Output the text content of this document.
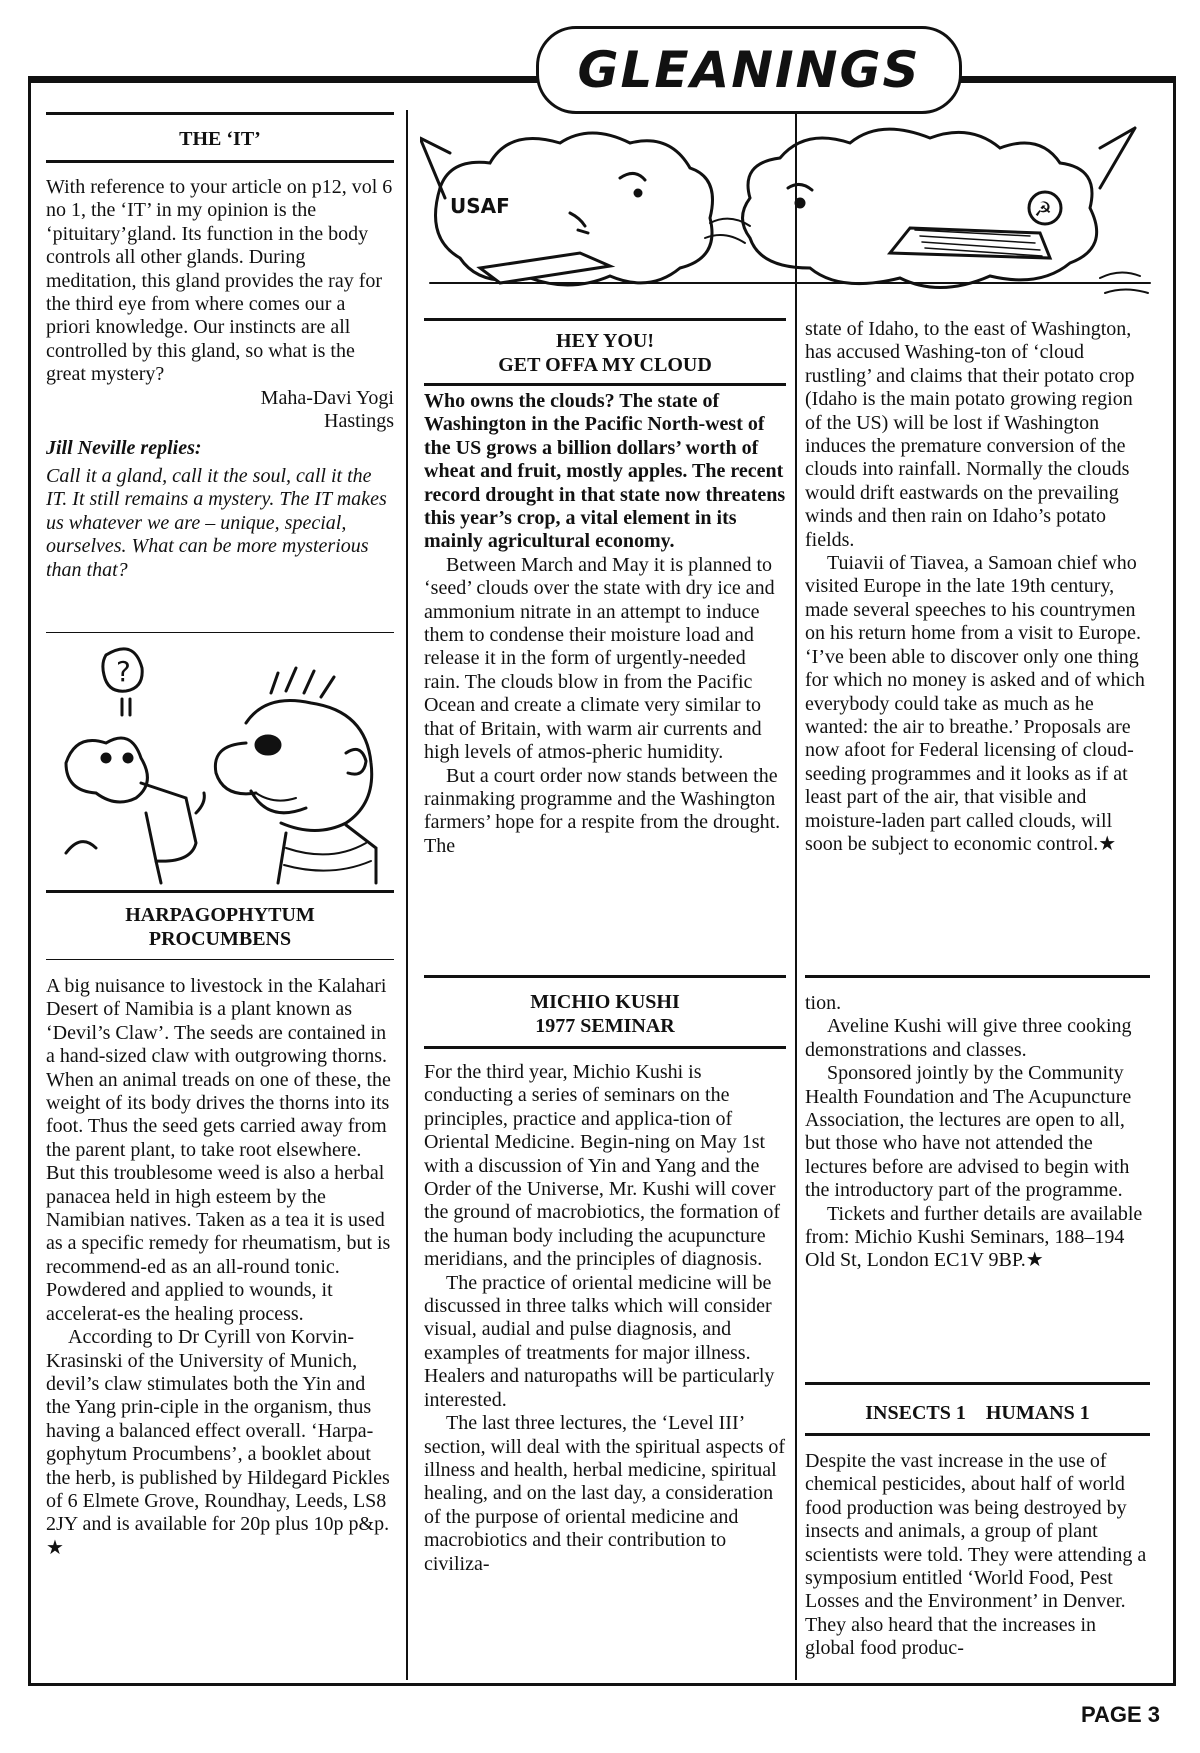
GLEANINGS
THE ‘IT’

With reference to your article on p12, vol 6 no 1, the ‘IT’ in my opinion is the ‘pituitary’gland. Its function in the body controls all other glands. During meditation, this gland provides the ray for the third eye from where comes our a priori knowledge. Our instincts are all controlled by this gland, so what is the great mystery?

Maha-Davi Yogi

Hastings

Jill Neville replies:

Call it a gland, call it the soul, call it the IT. It still remains a mystery. The IT makes us whatever we are – unique, special, ourselves. What can be more mysterious than that?

?
HARPAGOPHYTUM
PROCUMBENS

A big nuisance to livestock in the Kalahari Desert of Namibia is a plant known as ‘Devil’s Claw’. The seeds are contained in a hand-sized claw with outgrowing thorns. When an animal treads on one of these, the weight of its body drives the thorns into its foot. Thus the seed gets carried away from the parent plant, to take root elsewhere. But this troublesome weed is also a herbal panacea held in high esteem by the Namibian natives. Taken as a tea it is used as a specific remedy for rheumatism, but is recommend-ed as an all-round tonic. Powdered and applied to wounds, it accelerat-es the healing process.

According to Dr Cyrill von Korvin-Krasinski of the University of Munich, devil’s claw stimulates both the Yin and the Yang prin-ciple in the organism, thus having a balanced effect overall. ‘Harpa-gophytum Procumbens’, a booklet about the herb, is published by Hildegard Pickles of 6 Elmete Grove, Roundhay, Leeds, LS8 2JY and is available for 20p plus 10p p&p. ★

USAF	☭
HEY YOU!
GET OFFA MY CLOUD

Who owns the clouds? The state of Washington in the Pacific North-west of the US grows a billion dollars’ worth of wheat and fruit, mostly apples. The recent record drought in that state now threatens this year’s crop, a vital element in its mainly agricultural economy.

Between March and May it is planned to ‘seed’ clouds over the state with dry ice and ammonium nitrate in an attempt to induce them to condense their moisture load and release it in the form of urgently-needed rain. The clouds blow in from the Pacific Ocean and create a climate very similar to that of Britain, with warm air currents and high levels of atmos-pheric humidity.

But a court order now stands between the rainmaking programme and the Washington farmers’ hope for a respite from the drought. The

MICHIO KUSHI
1977 SEMINAR

For the third year, Michio Kushi is conducting a series of seminars on the principles, practice and applica-tion of Oriental Medicine. Begin-ning on May 1st with a discussion of Yin and Yang and the Order of the Universe, Mr. Kushi will cover the ground of macrobiotics, the formation of the human body including the acupuncture meridians, and the principles of diagnosis.

The practice of oriental medicine will be discussed in three talks which will consider visual, audial and pulse diagnosis, and examples of treatments for major illness. Healers and naturopaths will be particularly interested.

The last three lectures, the ‘Level III’ section, will deal with the spiritual aspects of illness and health, herbal medicine, spiritual healing, and on the last day, a consideration of the purpose of oriental medicine and macrobiotics and their contribution to civiliza-

state of Idaho, to the east of Washington, has accused Washing-ton of ‘cloud rustling’ and claims that their potato crop (Idaho is the main potato growing region of the US) will be lost if Washington induces the premature conversion of the clouds into rainfall. Normally the clouds would drift eastwards on the prevailing winds and then rain on Idaho’s potato fields.

Tuiavii of Tiavea, a Samoan chief who visited Europe in the late 19th century, made several speeches to his countrymen on his return home from a visit to Europe. ‘I’ve been able to discover only one thing for which no money is asked and of which everybody could take as much as he wanted: the air to breathe.’ Proposals are now afoot for Federal licensing of cloud-seeding programmes and it looks as if at least part of the air, that visible and moisture-laden part called clouds, will soon be subject to economic control.★

tion.

Aveline Kushi will give three cooking demonstrations and classes.

Sponsored jointly by the Community Health Foundation and The Acupuncture Association, the lectures are open to all, but those who have not attended the lectures before are advised to begin with the introductory part of the programme.

Tickets and further details are available from: Michio Kushi Seminars, 188–194 Old St, London EC1V 9BP.★

INSECTS 1    HUMANS 1

Despite the vast increase in the use of chemical pesticides, about half of world food production was being destroyed by insects and animals, a group of plant scientists were told. They were attending a symposium entitled ‘World Food, Pest Losses and the Environment’ in Denver. They also heard that the increases in global food produc-

PAGE 3
